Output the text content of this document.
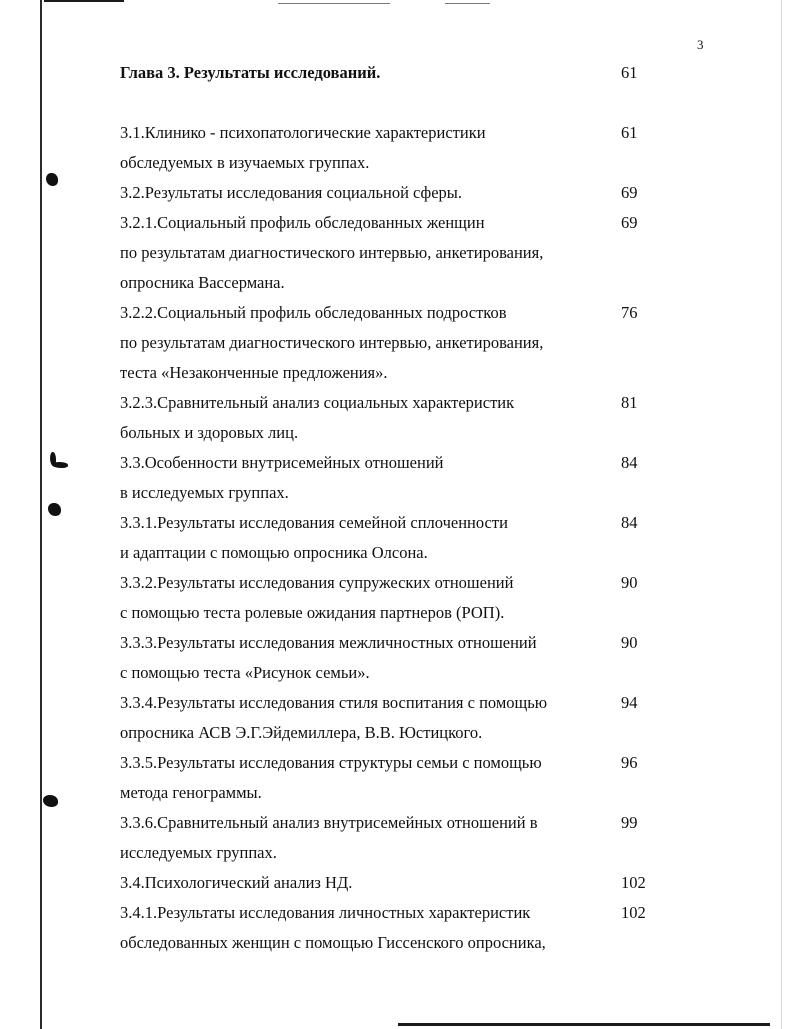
3
Глава 3. Результаты исследований.	61
3.1.Клинико - психопатологические характеристики	61
обследуемых в изучаемых группах.
3.2.Результаты исследования социальной сферы.	69
3.2.1.Социальный профиль обследованных женщин	69
по результатам диагностического интервью, анкетирования,
опросника Вассермана.
3.2.2.Социальный профиль обследованных подростков	76
по результатам диагностического интервью, анкетирования,
теста «Незаконченные предложения».
3.2.3.Сравнительный анализ социальных характеристик	81
больных и здоровых лиц.
3.3.Особенности внутрисемейных отношений	84
в исследуемых группах.
3.3.1.Результаты исследования семейной сплоченности	84
и адаптации с помощью опросника Олсона.
3.3.2.Результаты исследования супружеских отношений	90
с помощью теста ролевые ожидания партнеров (РОП).
3.3.3.Результаты исследования межличностных отношений	90
с помощью теста «Рисунок семьи».
3.3.4.Результаты исследования стиля воспитания с помощью	94
опросника АСВ Э.Г.Эйдемиллера, В.В. Юстицкого.
3.3.5.Результаты исследования структуры семьи с помощью	96
метода генограммы.
3.3.6.Сравнительный анализ внутрисемейных отношений в	99
исследуемых группах.
3.4.Психологический анализ НД.	102
3.4.1.Результаты исследования личностных характеристик	102
обследованных женщин с помощью Гиссенского опросника,
